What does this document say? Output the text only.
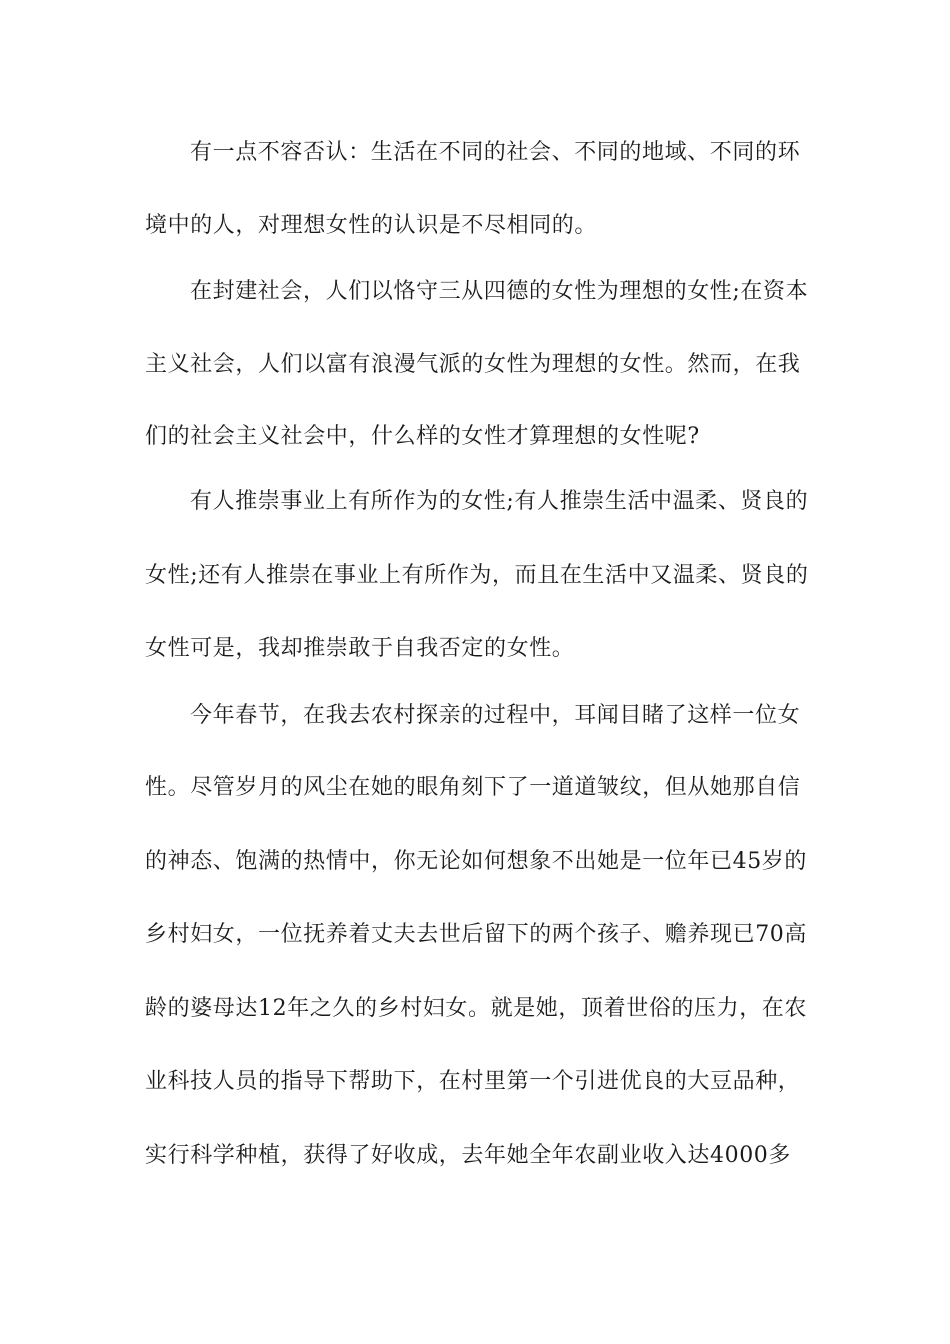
有一点不容否认：生活在不同的社会、不同的地域、不同的环
境中的人，对理想女性的认识是不尽相同的。
在封建社会，人们以恪守三从四德的女性为理想的女性;在资本
主义社会，人们以富有浪漫气派的女性为理想的女性。然而，在我
们的社会主义社会中，什么样的女性才算理想的女性呢?
有人推崇事业上有所作为的女性;有人推崇生活中温柔、贤良的
女性;还有人推崇在事业上有所作为，而且在生活中又温柔、贤良的
女性可是，我却推崇敢于自我否定的女性。
今年春节，在我去农村探亲的过程中，耳闻目睹了这样一位女
性。尽管岁月的风尘在她的眼角刻下了一道道皱纹，但从她那自信
的神态、饱满的热情中，你无论如何想象不出她是一位年已45岁的
乡村妇女，一位抚养着丈夫去世后留下的两个孩子、赡养现已70高
龄的婆母达12年之久的乡村妇女。就是她，顶着世俗的压力，在农
业科技人员的指导下帮助下，在村里第一个引进优良的大豆品种，
实行科学种植，获得了好收成，去年她全年农副业收入达4000多
